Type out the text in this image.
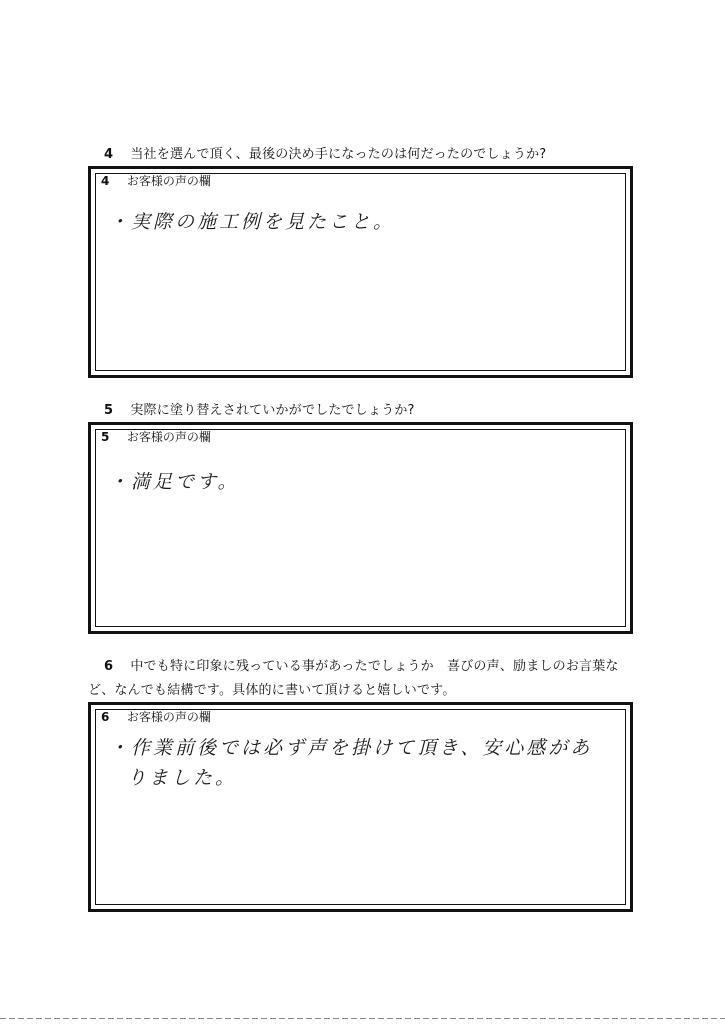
4 当社を選んで頂く、最後の決め手になったのは何だったのでしょうか?
4 お客様の声の欄
・実際の施工例を見たこと。
5 実際に塗り替えされていかがでしたでしょうか?
5 お客様の声の欄
・満足です。
6 中でも特に印象に残っている事があったでしょうか　喜びの声、励ましのお言葉な
ど、なんでも結構です。具体的に書いて頂けると嬉しいです。
6 お客様の声の欄
・作業前後では必ず声を掛けて頂き、安心感があ
りました。
